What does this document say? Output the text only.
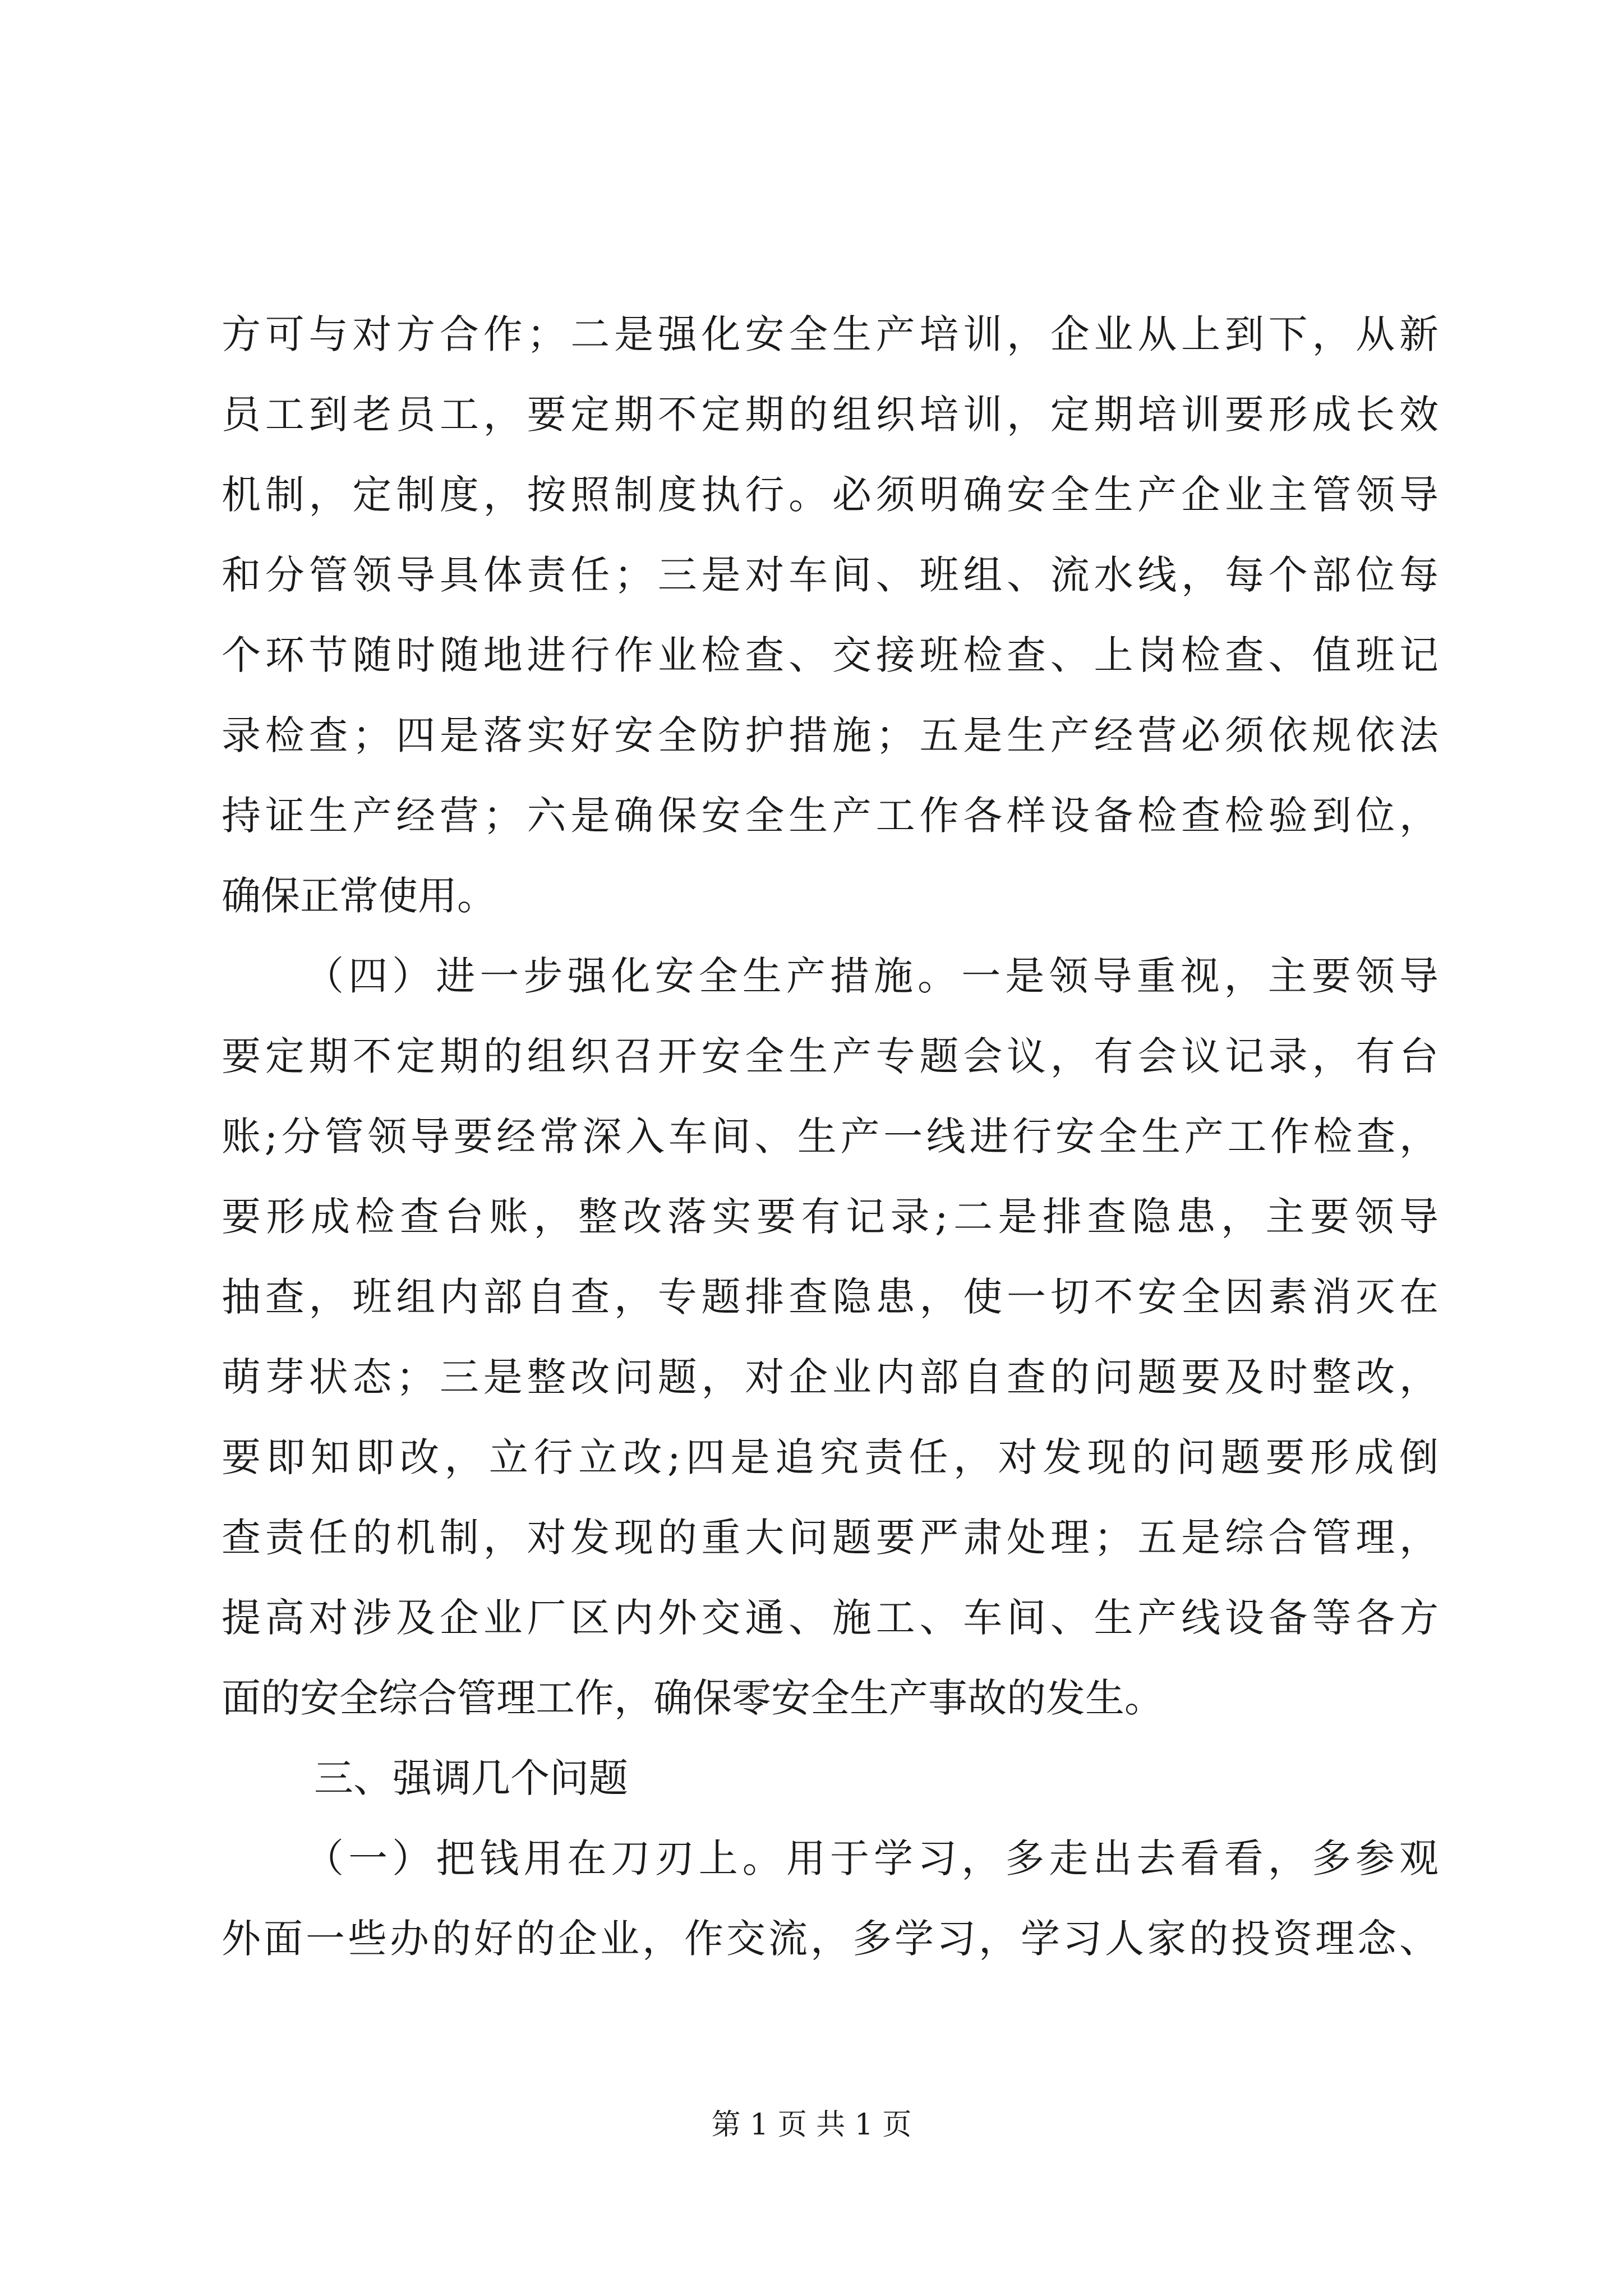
方可与对方合作；二是强化安全生产培训，企业从上到下，从新
员工到老员工，要定期不定期的组织培训，定期培训要形成长效
机制，定制度，按照制度执行。必须明确安全生产企业主管领导
和分管领导具体责任；三是对车间、班组、流水线，每个部位每
个环节随时随地进行作业检查、交接班检查、上岗检查、值班记
录检查；四是落实好安全防护措施；五是生产经营必须依规依法
持证生产经营；六是确保安全生产工作各样设备检查检验到位，
确保正常使用。
（四）进一步强化安全生产措施。一是领导重视，主要领导
要定期不定期的组织召开安全生产专题会议，有会议记录，有台
账;分管领导要经常深入车间、生产一线进行安全生产工作检查，
要形成检查台账，整改落实要有记录;二是排查隐患，主要领导
抽查，班组内部自查，专题排查隐患，使一切不安全因素消灭在
萌芽状态；三是整改问题，对企业内部自查的问题要及时整改，
要即知即改，立行立改;四是追究责任，对发现的问题要形成倒
查责任的机制，对发现的重大问题要严肃处理；五是综合管理，
提高对涉及企业厂区内外交通、施工、车间、生产线设备等各方
面的安全综合管理工作，确保零安全生产事故的发生。
三、强调几个问题
（一）把钱用在刀刃上。用于学习，多走出去看看，多参观
外面一些办的好的企业，作交流，多学习，学习人家的投资理念、
第 1 页 共 1 页
